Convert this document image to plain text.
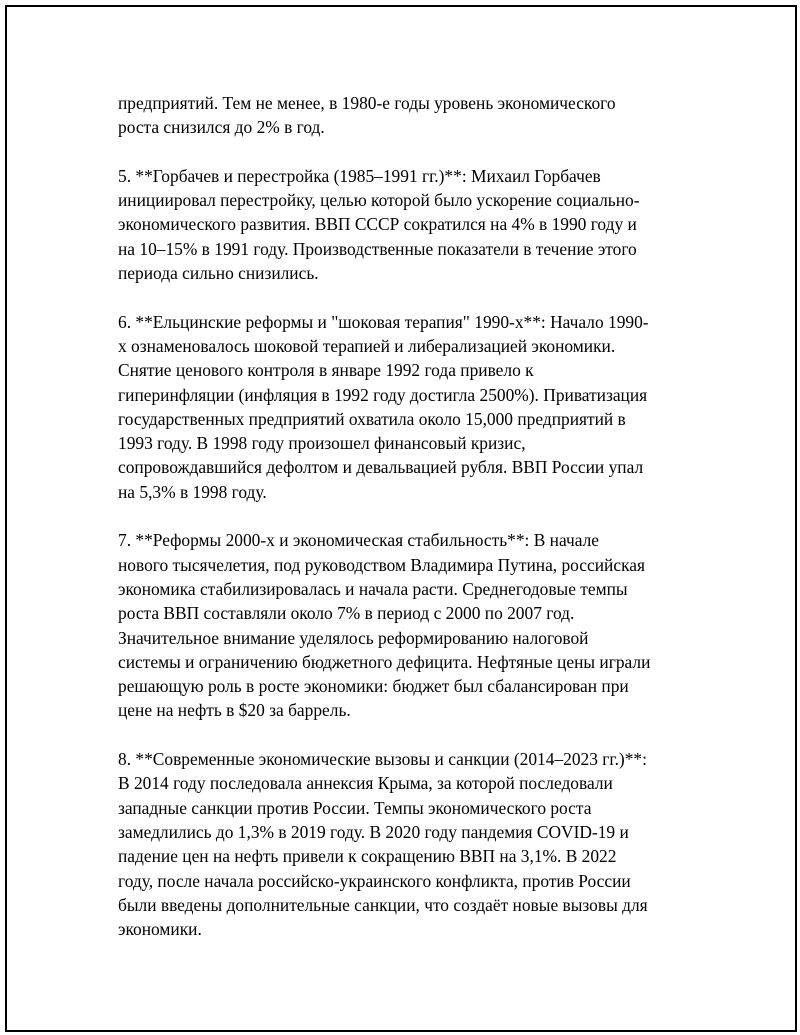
предприятий. Тем не менее, в 1980-е годы уровень экономического
роста снизился до 2% в год.

5. **Горбачев и перестройка (1985–1991 гг.)**: Михаил Горбачев
инициировал перестройку, целью которой было ускорение социально-
экономического развития. ВВП СССР сократился на 4% в 1990 году и
на 10–15% в 1991 году. Производственные показатели в течение этого
периода сильно снизились.

6. **Ельцинские реформы и "шоковая терапия" 1990-х**: Начало 1990-
х ознаменовалось шоковой терапией и либерализацией экономики.
Снятие ценового контроля в январе 1992 года привело к
гиперинфляции (инфляция в 1992 году достигла 2500%). Приватизация
государственных предприятий охватила около 15,000 предприятий в
1993 году. В 1998 году произошел финансовый кризис,
сопровождавшийся дефолтом и девальвацией рубля. ВВП России упал
на 5,3% в 1998 году.

7. **Реформы 2000-х и экономическая стабильность**: В начале
нового тысячелетия, под руководством Владимира Путина, российская
экономика стабилизировалась и начала расти. Среднегодовые темпы
роста ВВП составляли около 7% в период с 2000 по 2007 год.
Значительное внимание уделялось реформированию налоговой
системы и ограничению бюджетного дефицита. Нефтяные цены играли
решающую роль в росте экономики: бюджет был сбалансирован при
цене на нефть в $20 за баррель.

8. **Современные экономические вызовы и санкции (2014–2023 гг.)**:
В 2014 году последовала аннексия Крыма, за которой последовали
западные санкции против России. Темпы экономического роста
замедлились до 1,3% в 2019 году. В 2020 году пандемия COVID-19 и
падение цен на нефть привели к сокращению ВВП на 3,1%. В 2022
году, после начала российско-украинского конфликта, против России
были введены дополнительные санкции, что создаёт новые вызовы для
экономики.
